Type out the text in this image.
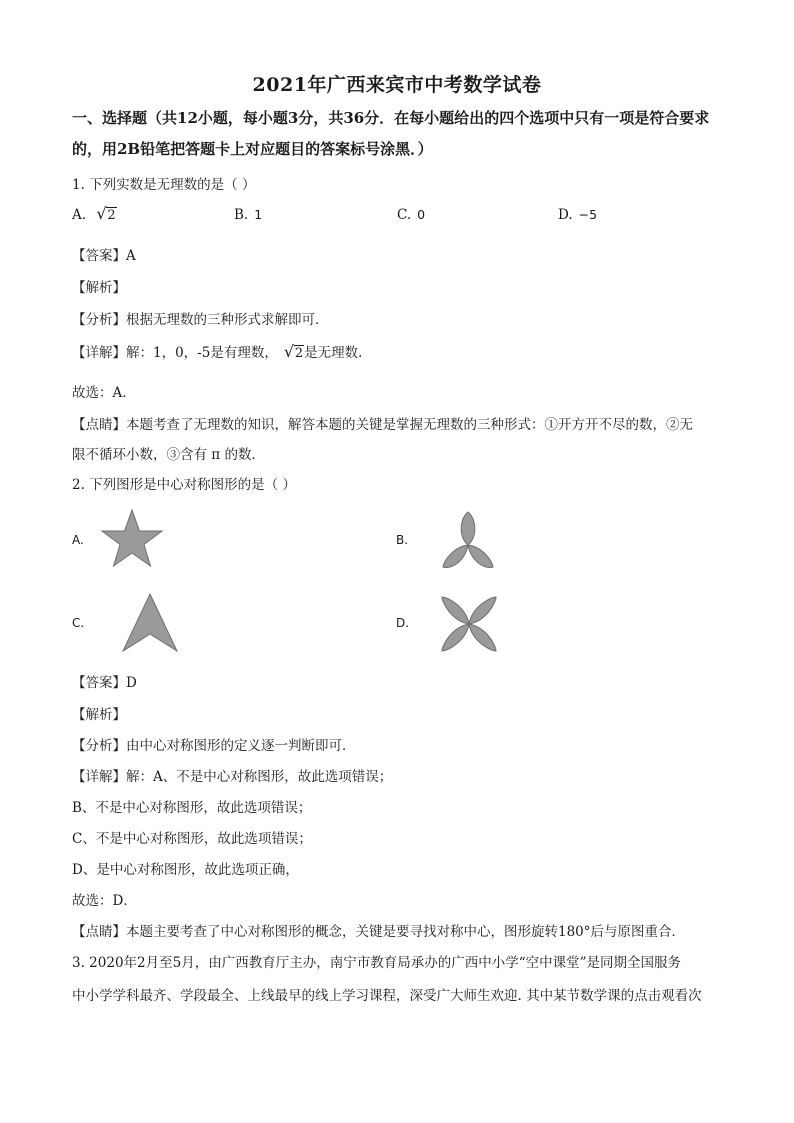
2021年广西来宾市中考数学试卷
一、选择题（共12小题，每小题3分，共36分．在每小题给出的四个选项中只有一项是符合要求的，用2B铅笔把答题卡上对应题目的答案标号涂黑．）
1. 下列实数是无理数的是（ ）
A. √ 2	B. 1	C. 0	D. −5
【答案】A
【解析】
【分析】根据无理数的三种形式求解即可．
【详解】解：1，0，-5是有理数， √ 2是无理数．
故选：A．
【点睛】本题考查了无理数的知识，解答本题的关键是掌握无理数的三种形式：①开方开不尽的数，②无
限不循环小数，③含有 π 的数．
2. 下列图形是中心对称图形的是（ ）
A.	B.
C.	D.
【答案】D
【解析】
【分析】由中心对称图形的定义逐一判断即可．
【详解】解：A、不是中心对称图形，故此选项错误；
B、不是中心对称图形，故此选项错误；
C、不是中心对称图形，故此选项错误；
D、是中心对称图形，故此选项正确，
故选：D．
【点睛】本题主要考查了中心对称图形的概念，关键是要寻找对称中心，图形旋转180°后与原图重合．
3. 2020年2月至5月，由广西教育厅主办，南宁市教育局承办的广西中小学“空中课堂”是同期全国服务
中小学学科最齐、学段最全、上线最早的线上学习课程，深受广大师生欢迎. 其中某节数学课的点击观看次
